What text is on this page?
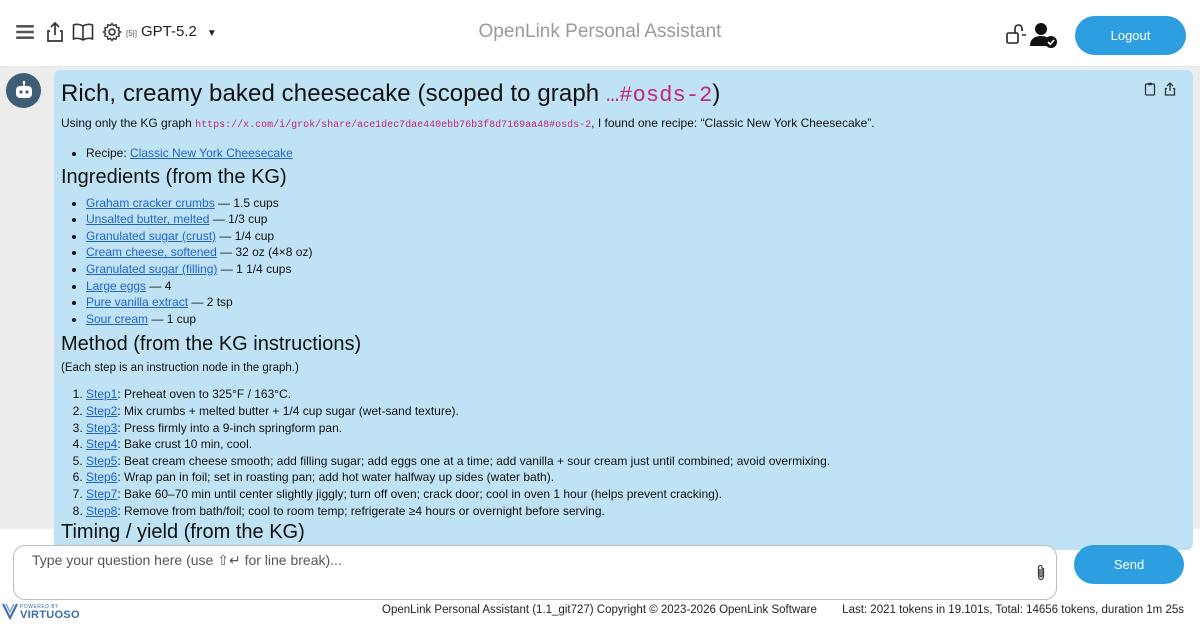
[5|] GPT-5.2 ▼	OpenLink Personal Assistant	Logout
Rich, creamy baked cheesecake (scoped to graph …#osds-2)

Using only the KG graph https://x.com/i/grok/share/ace1dec7dae440ebb76b3f8d7169aa48#osds-2, I found one recipe: “Classic New York Cheesecake”.

• Recipe: Classic New York Cheesecake
Ingredients (from the KG)
• Graham cracker crumbs — 1.5 cups
• Unsalted butter, melted — 1/3 cup
• Granulated sugar (crust) — 1/4 cup
• Cream cheese, softened — 32 oz (4×8 oz)
• Granulated sugar (filling) — 1 1/4 cups
• Large eggs — 4
• Pure vanilla extract — 2 tsp
• Sour cream — 1 cup
Method (from the KG instructions)

(Each step is an instruction node in the graph.)

1. Step1: Preheat oven to 325°F / 163°C.
2. Step2: Mix crumbs + melted butter + 1/4 cup sugar (wet-sand texture).
3. Step3: Press firmly into a 9-inch springform pan.
4. Step4: Bake crust 10 min, cool.
5. Step5: Beat cream cheese smooth; add filling sugar; add eggs one at a time; add vanilla + sour cream just until combined; avoid overmixing.
6. Step6: Wrap pan in foil; set in roasting pan; add hot water halfway up sides (water bath).
7. Step7: Bake 60–70 min until center slightly jiggly; turn off oven; crack door; cool in oven 1 hour (helps prevent cracking).
8. Step8: Remove from bath/foil; cool to room temp; refrigerate ≥4 hours or overnight before serving.
Timing / yield (from the KG)
Type your question here (use ⇧↵ for line break)...
Send
POWERED BY
VIRTUOSO	OpenLink Personal Assistant (1.1_git727) Copyright © 2023-2026 OpenLink Software Last: 2021 tokens in 19.101s, Total: 14656 tokens, duration 1m 25s
